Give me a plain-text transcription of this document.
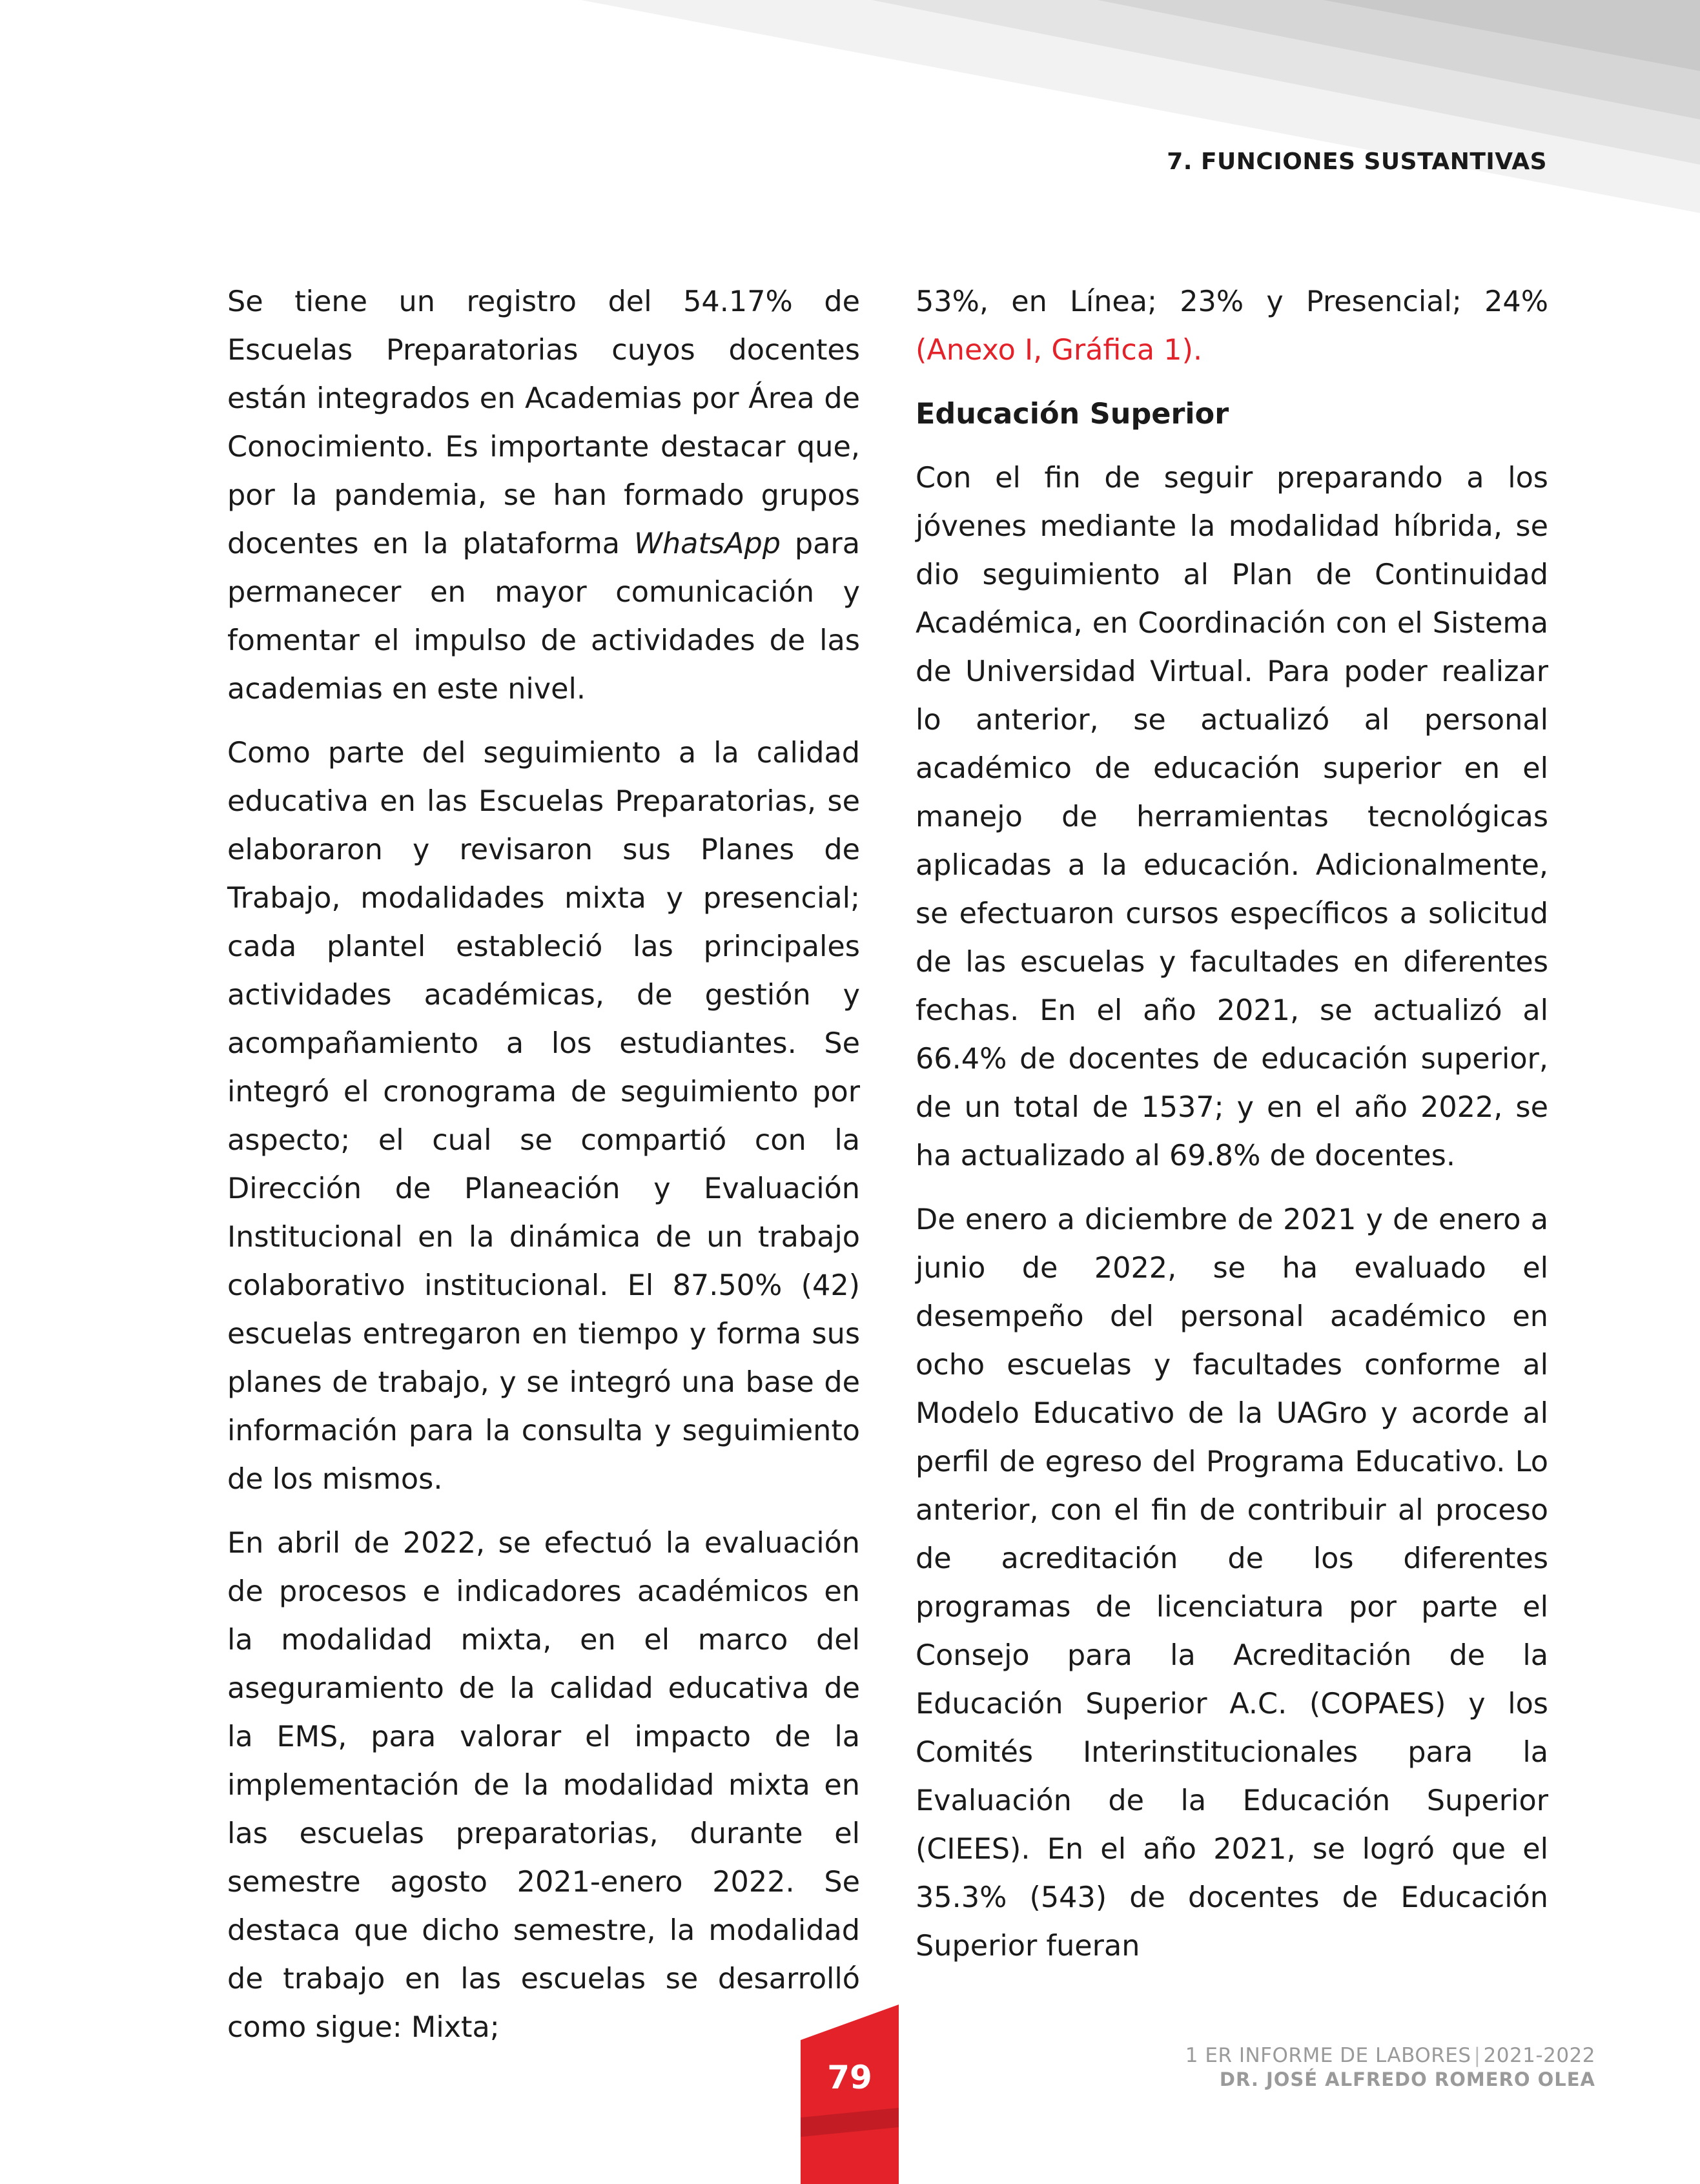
7. FUNCIONES SUSTANTIVAS

Se tiene un registro del 54.17% de Escuelas Preparatorias cuyos docentes están integrados en Academias por Área de Conocimiento. Es importante destacar que, por la pandemia, se han formado grupos docentes en la plataforma WhatsApp para permanecer en mayor comunicación y fomentar el impulso de actividades de las academias en este nivel.

Como parte del seguimiento a la calidad educativa en las Escuelas Preparatorias, se elaboraron y revisaron sus Planes de Trabajo, modalidades mixta y presencial; cada plantel estableció las principales actividades académicas, de gestión y acompañamiento a los estudiantes. Se integró el cronograma de seguimiento por aspecto; el cual se compartió con la Dirección de Planeación y Evaluación Institucional en la dinámica de un trabajo colaborativo institucional. El 87.50% (42) escuelas entregaron en tiempo y forma sus planes de trabajo, y se integró una base de información para la consulta y seguimiento de los mismos.

En abril de 2022, se efectuó la evaluación de procesos e indicadores académicos en la modalidad mixta, en el marco del aseguramiento de la calidad educativa de la EMS, para valorar el impacto de la implementación de la modalidad mixta en las escuelas preparatorias, durante el semestre agosto 2021-enero 2022. Se destaca que dicho semestre, la modalidad de trabajo en las escuelas se desarrolló como sigue: Mixta;

53%, en Línea; 23% y Presencial; 24% (Anexo I, Gráfica 1).

Educación Superior

Con el fin de seguir preparando a los jóvenes mediante la modalidad híbrida, se dio seguimiento al Plan de Continuidad Académica, en Coordinación con el Sistema de Universidad Virtual. Para poder realizar lo anterior, se actualizó al personal académico de educación superior en el manejo de herramientas tecnológicas aplicadas a la educación. Adicionalmente, se efectuaron cursos específicos a solicitud de las escuelas y facultades en diferentes fechas. En el año 2021, se actualizó al 66.4% de docentes de educación superior, de un total de 1537; y en el año 2022, se ha actualizado al 69.8% de docentes.

De enero a diciembre de 2021 y de enero a junio de 2022, se ha evaluado el desempeño del personal académico en ocho escuelas y facultades conforme al Modelo Educativo de la UAGro y acorde al perfil de egreso del Programa Educativo. Lo anterior, con el fin de contribuir al proceso de acreditación de los diferentes programas de licenciatura por parte el Consejo para la Acreditación de la Educación Superior A.C. (COPAES) y los Comités Interinstitucionales para la Evaluación de la Educación Superior (CIEES). En el año 2021, se logró que el 35.3% (543) de docentes de Educación Superior fueran

79
1 ER INFORME DE LABORES | 2021-2022
DR. JOSÉ ALFREDO ROMERO OLEA
